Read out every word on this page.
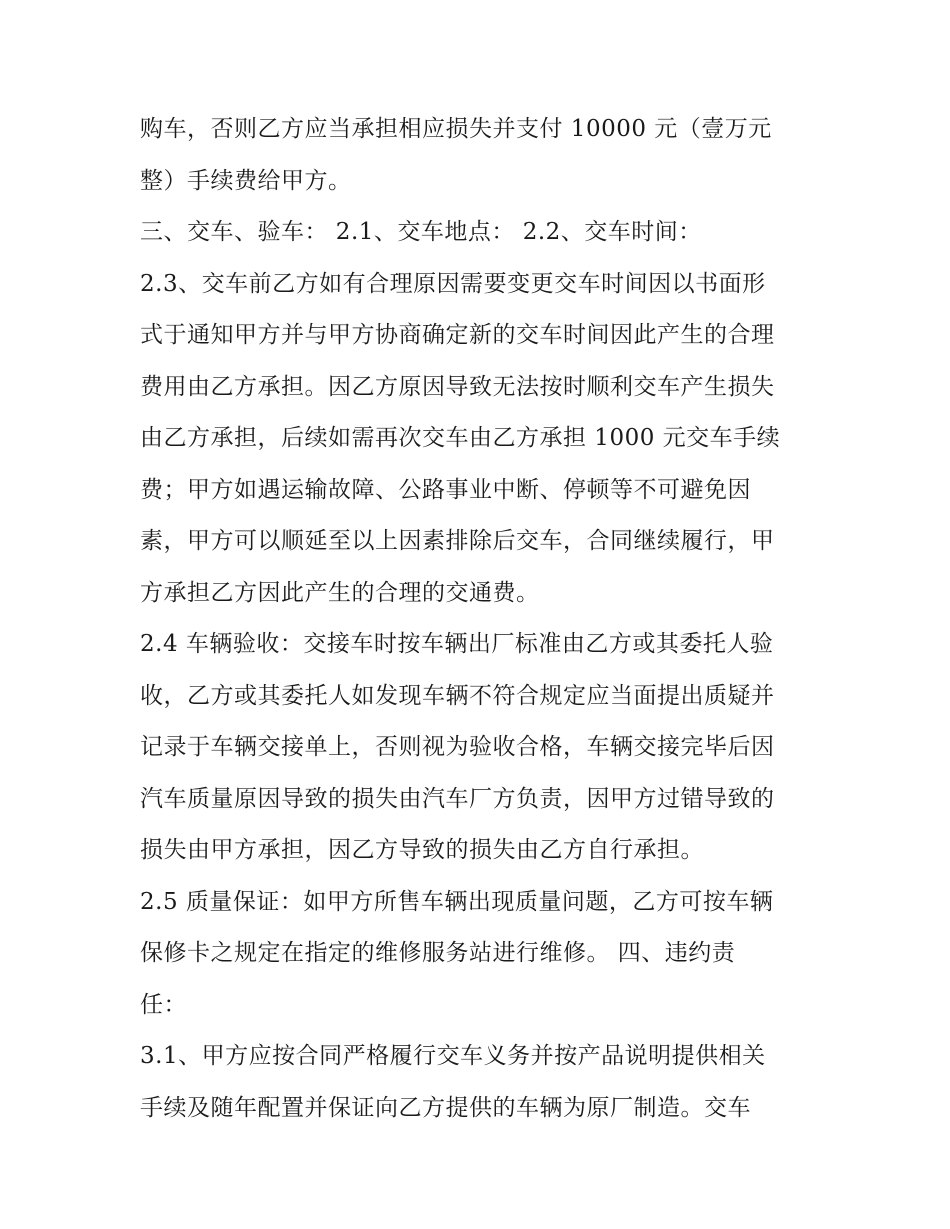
购车，否则乙方应当承担相应损失并支付 10000 元（壹万元
整）手续费给甲方。
三、交车、验车： 2.1、交车地点： 2.2、交车时间：
2.3、交车前乙方如有合理原因需要变更交车时间因以书面形
式于通知甲方并与甲方协商确定新的交车时间因此产生的合理
费用由乙方承担。因乙方原因导致无法按时顺利交车产生损失
由乙方承担，后续如需再次交车由乙方承担 1000 元交车手续
费；甲方如遇运输故障、公路事业中断、停顿等不可避免因
素，甲方可以顺延至以上因素排除后交车，合同继续履行，甲
方承担乙方因此产生的合理的交通费。
2.4 车辆验收：交接车时按车辆出厂标准由乙方或其委托人验
收，乙方或其委托人如发现车辆不符合规定应当面提出质疑并
记录于车辆交接单上，否则视为验收合格，车辆交接完毕后因
汽车质量原因导致的损失由汽车厂方负责，因甲方过错导致的
损失由甲方承担，因乙方导致的损失由乙方自行承担。
2.5 质量保证：如甲方所售车辆出现质量问题，乙方可按车辆
保修卡之规定在指定的维修服务站进行维修。 四、违约责
任：
3.1、甲方应按合同严格履行交车义务并按产品说明提供相关
手续及随年配置并保证向乙方提供的车辆为原厂制造。交车
